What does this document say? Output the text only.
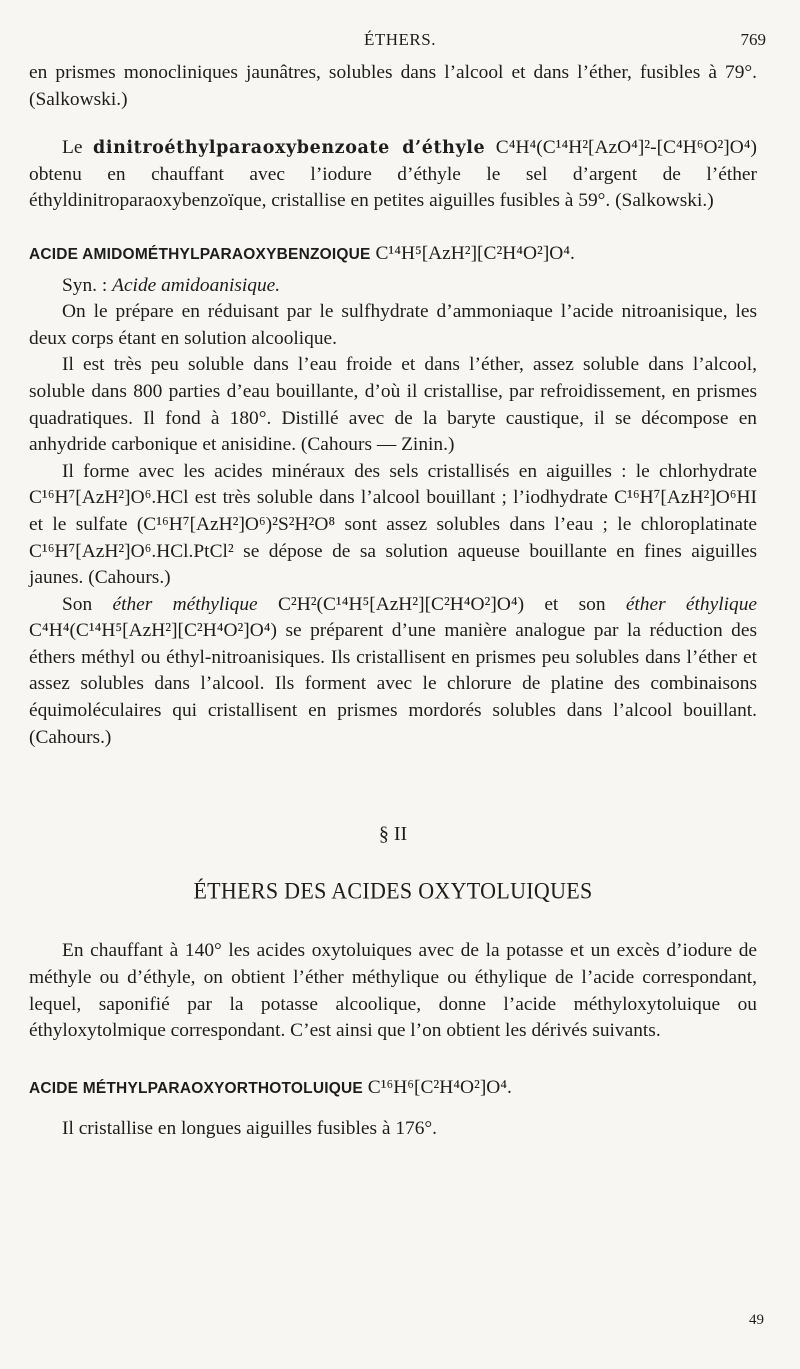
ÉTHERS.	769

en prismes monocliniques jaunâtres, solubles dans l’alcool et dans l’éther, fusibles à 79°. (Salkowski.)

Le dinitroéthylparaoxybenzoate d’éthyle C⁴H⁴(C¹⁴H²[AzO⁴]²-[C⁴H⁶O²]O⁴) obtenu en chauffant avec l’iodure d’éthyle le sel d’argent de l’éther éthyldinitroparaoxybenzoïque, cristallise en petites aiguilles fusibles à 59°. (Salkowski.)

ACIDE AMIDOMÉTHYLPARAOXYBENZOIQUE C¹⁴H⁵[AzH²][C²H⁴O²]O⁴.

Syn. : Acide amidoanisique.

On le prépare en réduisant par le sulfhydrate d’ammoniaque l’acide nitroanisique, les deux corps étant en solution alcoolique.

Il est très peu soluble dans l’eau froide et dans l’éther, assez soluble dans l’alcool, soluble dans 800 parties d’eau bouillante, d’où il cristallise, par refroidissement, en prismes quadratiques. Il fond à 180°. Distillé avec de la baryte caustique, il se décompose en anhydride carbonique et anisidine. (Cahours — Zinin.)

Il forme avec les acides minéraux des sels cristallisés en aiguilles : le chlorhydrate C¹⁶H⁷[AzH²]O⁶.HCl est très soluble dans l’alcool bouillant ; l’iodhydrate C¹⁶H⁷[AzH²]O⁶HI et le sulfate (C¹⁶H⁷[AzH²]O⁶)²S²H²O⁸ sont assez solubles dans l’eau ; le chloroplatinate C¹⁶H⁷[AzH²]O⁶.HCl.PtCl² se dépose de sa solution aqueuse bouillante en fines aiguilles jaunes. (Cahours.)

Son éther méthylique C²H²(C¹⁴H⁵[AzH²][C²H⁴O²]O⁴) et son éther éthylique C⁴H⁴(C¹⁴H⁵[AzH²][C²H⁴O²]O⁴) se préparent d’une manière analogue par la réduction des éthers méthyl ou éthyl-nitroanisiques. Ils cristallisent en prismes peu solubles dans l’éther et assez solubles dans l’alcool. Ils forment avec le chlorure de platine des combinaisons équimoléculaires qui cristallisent en prismes mordorés solubles dans l’alcool bouillant. (Cahours.)

§ II
ÉTHERS DES ACIDES OXYTOLUIQUES

En chauffant à 140° les acides oxytoluiques avec de la potasse et un excès d’iodure de méthyle ou d’éthyle, on obtient l’éther méthylique ou éthylique de l’acide correspondant, lequel, saponifié par la potasse alcoolique, donne l’acide méthyloxytoluique ou éthyloxytolmique correspondant. C’est ainsi que l’on obtient les dérivés suivants.

ACIDE MÉTHYLPARAOXYORTHOTOLUIQUE C¹⁶H⁶[C²H⁴O²]O⁴.

Il cristallise en longues aiguilles fusibles à 176°.

49
